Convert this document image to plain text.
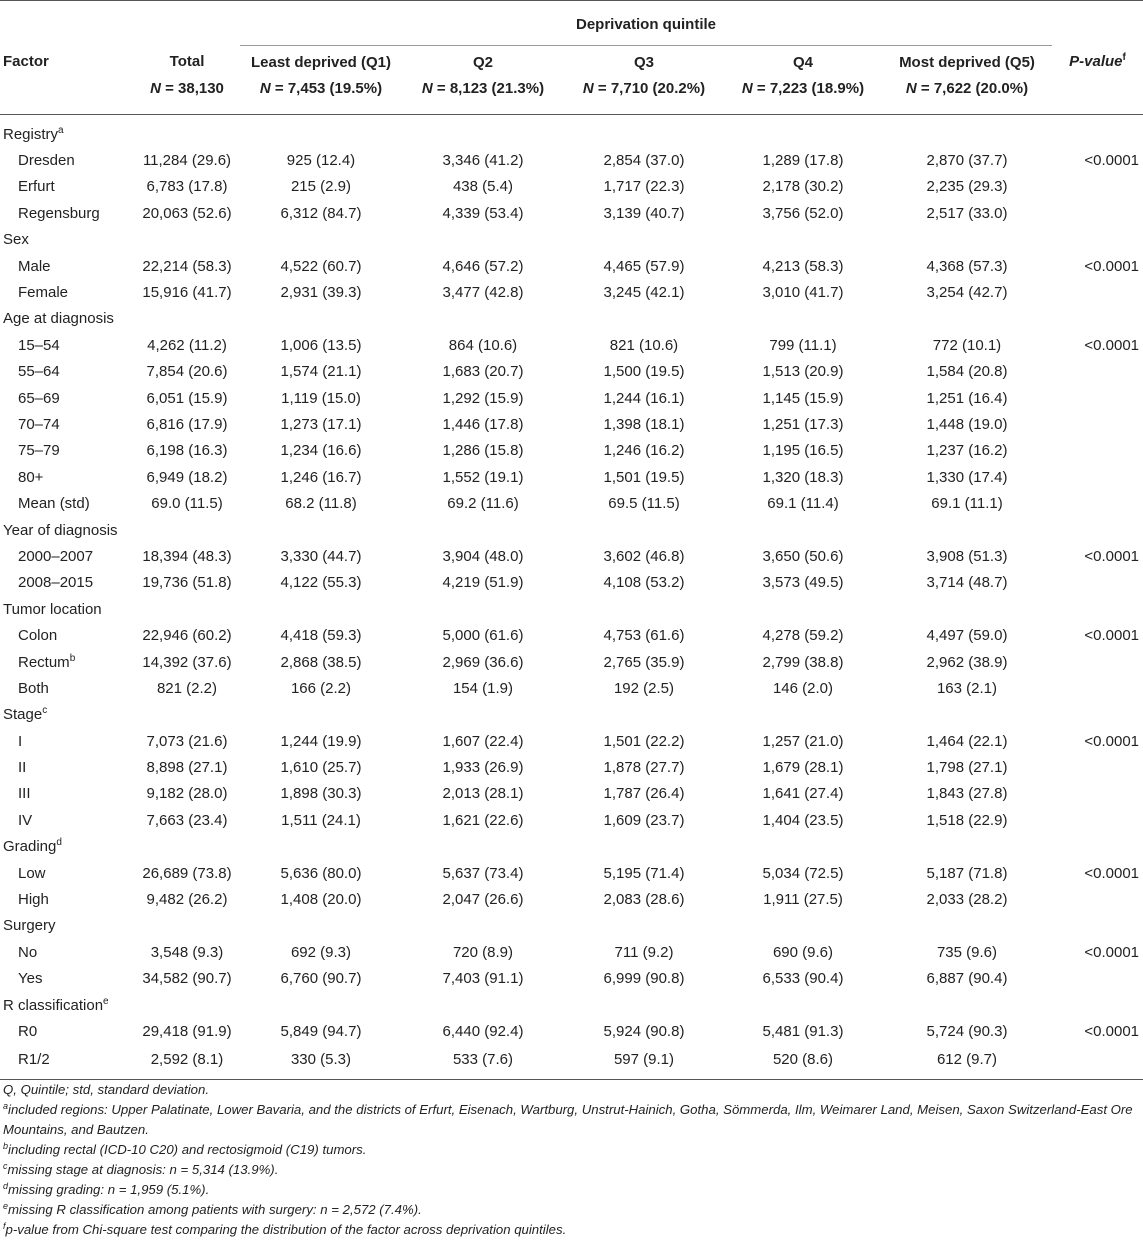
		Deprivation quintile					
Factor	Total	Least deprived (Q1)	Q2	Q3	Q4	Most deprived (Q5)	P-value$^f$
	N = 38,130	N = 7,453 (19.5%)	N = 8,123 (21.3%)	N = 7,710 (20.2%)	N = 7,223 (18.9%)	N = 7,622 (20.0%)	

Registry$^a$							
Dresden	11,284 (29.6)	925 (12.4)	3,346 (41.2)	2,854 (37.0)	1,289 (17.8)	2,870 (37.7)	<0.0001
Erfurt	6,783 (17.8)	215 (2.9)	438 (5.4)	1,717 (22.3)	2,178 (30.2)	2,235 (29.3)	
Regensburg	20,063 (52.6)	6,312 (84.7)	4,339 (53.4)	3,139 (40.7)	3,756 (52.0)	2,517 (33.0)	
Sex							
Male	22,214 (58.3)	4,522 (60.7)	4,646 (57.2)	4,465 (57.9)	4,213 (58.3)	4,368 (57.3)	<0.0001
Female	15,916 (41.7)	2,931 (39.3)	3,477 (42.8)	3,245 (42.1)	3,010 (41.7)	3,254 (42.7)	
Age at diagnosis							
15–54	4,262 (11.2)	1,006 (13.5)	864 (10.6)	821 (10.6)	799 (11.1)	772 (10.1)	<0.0001
55–64	7,854 (20.6)	1,574 (21.1)	1,683 (20.7)	1,500 (19.5)	1,513 (20.9)	1,584 (20.8)	
65–69	6,051 (15.9)	1,119 (15.0)	1,292 (15.9)	1,244 (16.1)	1,145 (15.9)	1,251 (16.4)	
70–74	6,816 (17.9)	1,273 (17.1)	1,446 (17.8)	1,398 (18.1)	1,251 (17.3)	1,448 (19.0)	
75–79	6,198 (16.3)	1,234 (16.6)	1,286 (15.8)	1,246 (16.2)	1,195 (16.5)	1,237 (16.2)	
80+	6,949 (18.2)	1,246 (16.7)	1,552 (19.1)	1,501 (19.5)	1,320 (18.3)	1,330 (17.4)	
Mean (std)	69.0 (11.5)	68.2 (11.8)	69.2 (11.6)	69.5 (11.5)	69.1 (11.4)	69.1 (11.1)	
Year of diagnosis							
2000–2007	18,394 (48.3)	3,330 (44.7)	3,904 (48.0)	3,602 (46.8)	3,650 (50.6)	3,908 (51.3)	<0.0001
2008–2015	19,736 (51.8)	4,122 (55.3)	4,219 (51.9)	4,108 (53.2)	3,573 (49.5)	3,714 (48.7)	
Tumor location							
Colon	22,946 (60.2)	4,418 (59.3)	5,000 (61.6)	4,753 (61.6)	4,278 (59.2)	4,497 (59.0)	<0.0001
Rectum$^b$	14,392 (37.6)	2,868 (38.5)	2,969 (36.6)	2,765 (35.9)	2,799 (38.8)	2,962 (38.9)	
Both	821 (2.2)	166 (2.2)	154 (1.9)	192 (2.5)	146 (2.0)	163 (2.1)	
Stage$^c$							
I	7,073 (21.6)	1,244 (19.9)	1,607 (22.4)	1,501 (22.2)	1,257 (21.0)	1,464 (22.1)	<0.0001
II	8,898 (27.1)	1,610 (25.7)	1,933 (26.9)	1,878 (27.7)	1,679 (28.1)	1,798 (27.1)	
III	9,182 (28.0)	1,898 (30.3)	2,013 (28.1)	1,787 (26.4)	1,641 (27.4)	1,843 (27.8)	
IV	7,663 (23.4)	1,511 (24.1)	1,621 (22.6)	1,609 (23.7)	1,404 (23.5)	1,518 (22.9)	
Grading$^d$							
Low	26,689 (73.8)	5,636 (80.0)	5,637 (73.4)	5,195 (71.4)	5,034 (72.5)	5,187 (71.8)	<0.0001
High	9,482 (26.2)	1,408 (20.0)	2,047 (26.6)	2,083 (28.6)	1,911 (27.5)	2,033 (28.2)	
Surgery							
No	3,548 (9.3)	692 (9.3)	720 (8.9)	711 (9.2)	690 (9.6)	735 (9.6)	<0.0001
Yes	34,582 (90.7)	6,760 (90.7)	7,403 (91.1)	6,999 (90.8)	6,533 (90.4)	6,887 (90.4)	
R classification$^e$							
R0	29,418 (91.9)	5,849 (94.7)	6,440 (92.4)	5,924 (90.8)	5,481 (91.3)	5,724 (90.3)	<0.0001
R1/2	2,592 (8.1)	330 (5.3)	533 (7.6)	597 (9.1)	520 (8.6)	612 (9.7)	
Q, Quintile; std, standard deviation.
$^a$included regions: Upper Palatinate, Lower Bavaria, and the districts of Erfurt, Eisenach, Wartburg, Unstrut-Hainich, Gotha, Sömmerda, Ilm, Weimarer Land, Meisen, Saxon Switzerland-East Ore Mountains, and Bautzen.
$^b$including rectal (ICD-10 C20) and rectosigmoid (C19) tumors.
$^c$missing stage at diagnosis: n = 5,314 (13.9%).
$^d$missing grading: n = 1,959 (5.1%).
$^e$missing R classification among patients with surgery: n = 2,572 (7.4%).
$^f$p-value from Chi-square test comparing the distribution of the factor across deprivation quintiles.
